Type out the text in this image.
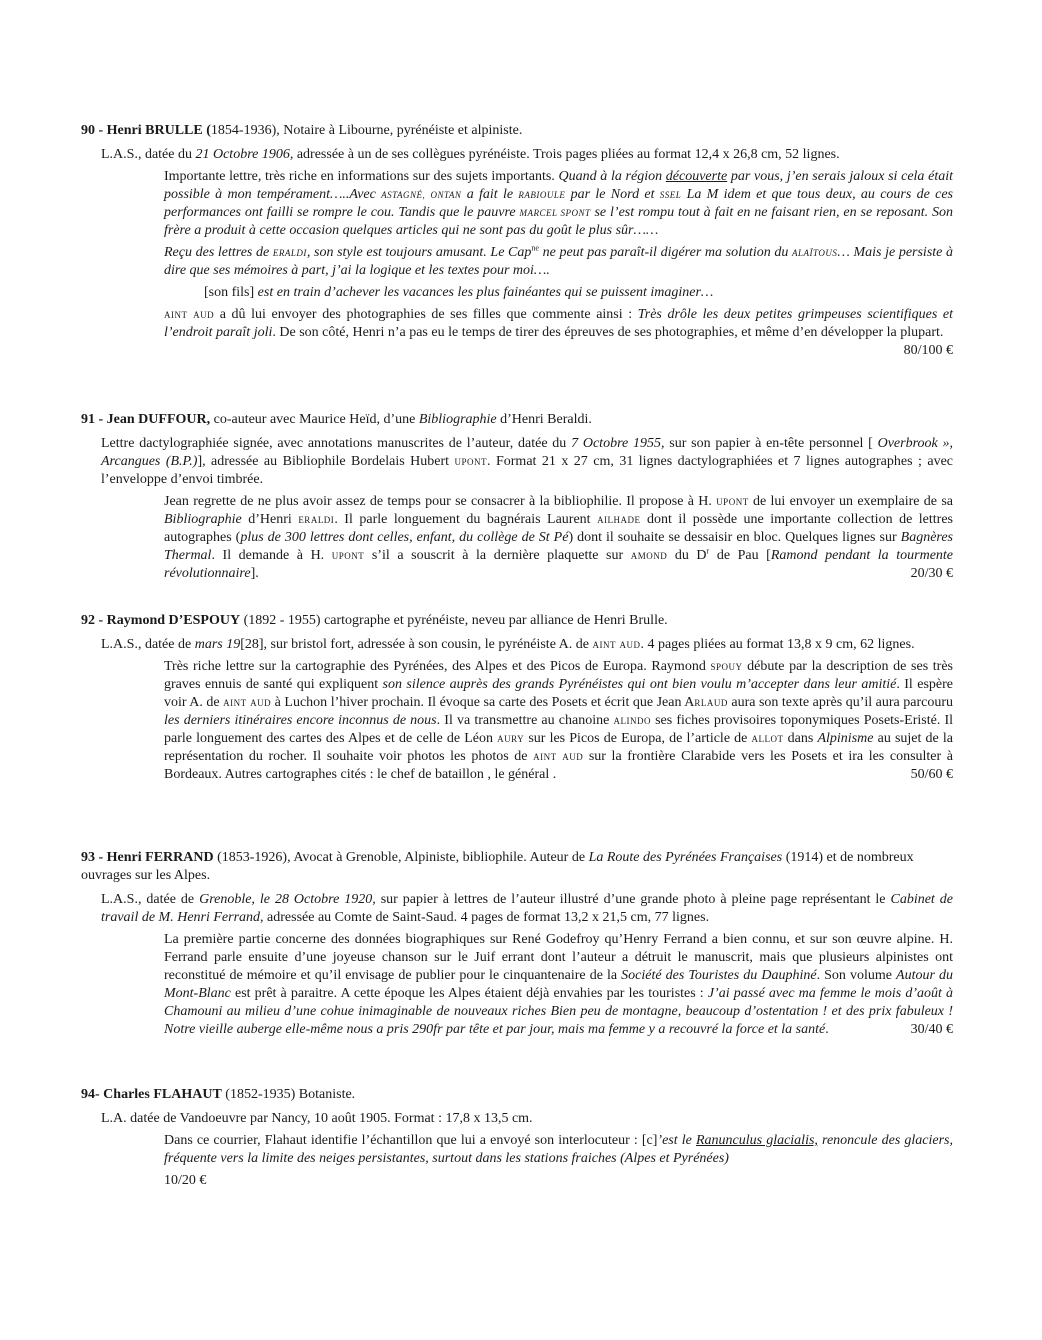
90 - Henri BRULLE (1854-1936), Notaire à Libourne, pyrénéiste et alpiniste.

L.A.S., datée du 21 Octobre 1906, adressée à un de ses collègues pyrénéiste. Trois pages pliées au format 12,4 x 26,8 cm, 52 lignes.

Importante lettre, très riche en informations sur des sujets importants. Quand à la région découverte par vous, j’en serais jaloux si cela était possible à mon tempérament…..Avec ASTAGNÉ, ONTAN a fait le RABIOULE par le Nord et SSEL La M idem et que tous deux, au cours de ces performances ont failli se rompre le cou. Tandis que le pauvre MARCEL SPONT se l’est rompu tout à fait en ne faisant rien, en se reposant. Son frère a produit à cette occasion quelques articles qui ne sont pas du goût le plus sûr……

Reçu des lettres de ERALDI, son style est toujours amusant. Le Cap$^{ne}$ ne peut pas paraît-il digérer ma solution du ALAÏTOUS… Mais je persiste à dire que ses mémoires à part, j’ai la logique et les textes pour moi….

[son fils] est en train d’achever les vacances les plus fainéantes qui se puissent imaginer…

AINT AUD a dû lui envoyer des photographies de ses filles que commente ainsi : Très drôle les deux petites grimpeuses scientifiques et l’endroit paraît joli. De son côté, Henri n’a pas eu le temps de tirer des épreuves de ses photographies, et même d’en développer la plupart.
80/100 €

91 - Jean DUFFOUR, co-auteur avec Maurice Heïd, d’une Bibliographie d’Henri Beraldi.

Lettre dactylographiée signée, avec annotations manuscrites de l’auteur, datée du 7 Octobre 1955, sur son papier à en-tête personnel [ Overbrook », Arcangues (B.P.)], adressée au Bibliophile Bordelais Hubert UPONT. Format 21 x 27 cm, 31 lignes dactylographiées et 7 lignes autographes ; avec l’enveloppe d’envoi timbrée.

Jean regrette de ne plus avoir assez de temps pour se consacrer à la bibliophilie. Il propose à H. UPONT de lui envoyer un exemplaire de sa Bibliographie d’Henri ERALDI. Il parle longuement du bagnérais Laurent AILHADE dont il possède une importante collection de lettres autographes (plus de 300 lettres dont celles, enfant, du collège de St Pé) dont il souhaite se dessaisir en bloc. Quelques lignes sur Bagnères Thermal. Il demande à H. UPONT s’il a souscrit à la dernière plaquette sur AMOND du $D^r$ de Pau [Ramond pendant la tourmente révolutionnaire].	20/30 €

92 - Raymond D’ESPOUY (1892 - 1955) cartographe et pyrénéiste, neveu par alliance de Henri Brulle.

L.A.S., datée de mars 19[28], sur bristol fort, adressée à son cousin, le pyrénéiste A. de AINT AUD. 4 pages pliées au format 13,8 x 9 cm, 62 lignes.

Très riche lettre sur la cartographie des Pyrénées, des Alpes et des Picos de Europa. Raymond SPOUY débute par la description de ses très graves ennuis de santé qui expliquent son silence auprès des grands Pyrénéistes qui ont bien voulu m’accepter dans leur amitié. Il espère voir A. de AINT AUD à Luchon l’hiver prochain. Il évoque sa carte des Posets et écrit que Jean ARLAUD aura son texte après qu’il aura parcouru les derniers itinéraires encore inconnus de nous. Il va transmettre au chanoine ALINDO ses fiches provisoires toponymiques Posets-Eristé. Il parle longuement des cartes des Alpes et de celle de Léon AURY sur les Picos de Europa, de l’article de ALLOT dans Alpinisme au sujet de la représentation du rocher. Il souhaite voir photos les photos de AINT AUD sur la frontière Clarabide vers les Posets et ira les consulter à Bordeaux. Autres cartographes cités : le chef de bataillon , le général .	50/60 €

93 - Henri FERRAND (1853-1926), Avocat à Grenoble, Alpiniste, bibliophile. Auteur de La Route des Pyrénées Françaises (1914) et de nombreux ouvrages sur les Alpes.

L.A.S., datée de Grenoble, le 28 Octobre 1920, sur papier à lettres de l’auteur illustré d’une grande photo à pleine page représentant le Cabinet de travail de M. Henri Ferrand, adressée au Comte de Saint-Saud. 4 pages de format 13,2 x 21,5 cm, 77 lignes.

La première partie concerne des données biographiques sur René Godefroy qu’Henry Ferrand a bien connu, et sur son œuvre alpine. H. Ferrand parle ensuite d’une joyeuse chanson sur le Juif errant dont l’auteur a détruit le manuscrit, mais que plusieurs alpinistes ont reconstitué de mémoire et qu’il envisage de publier pour le cinquantenaire de la Société des Touristes du Dauphiné. Son volume Autour du Mont-Blanc est prêt à paraitre. A cette époque les Alpes étaient déjà envahies par les touristes : J’ai passé avec ma femme le mois d’août à Chamouni au milieu d’une cohue inimaginable de nouveaux riches Bien peu de montagne, beaucoup d’ostentation ! et des prix fabuleux ! Notre vieille auberge elle-même nous a pris 290fr par tête et par jour, mais ma femme y a recouvré la force et la santé.	30/40 €

94- Charles FLAHAUT (1852-1935) Botaniste.

L.A. datée de Vandoeuvre par Nancy, 10 août 1905. Format : 17,8 x 13,5 cm.

Dans ce courrier, Flahaut identifie l’échantillon que lui a envoyé son interlocuteur : [c]’est le Ranunculus glacialis, renoncule des glaciers, fréquente vers la limite des neiges persistantes, surtout dans les stations fraiches (Alpes et Pyrénées)

10/20 €
